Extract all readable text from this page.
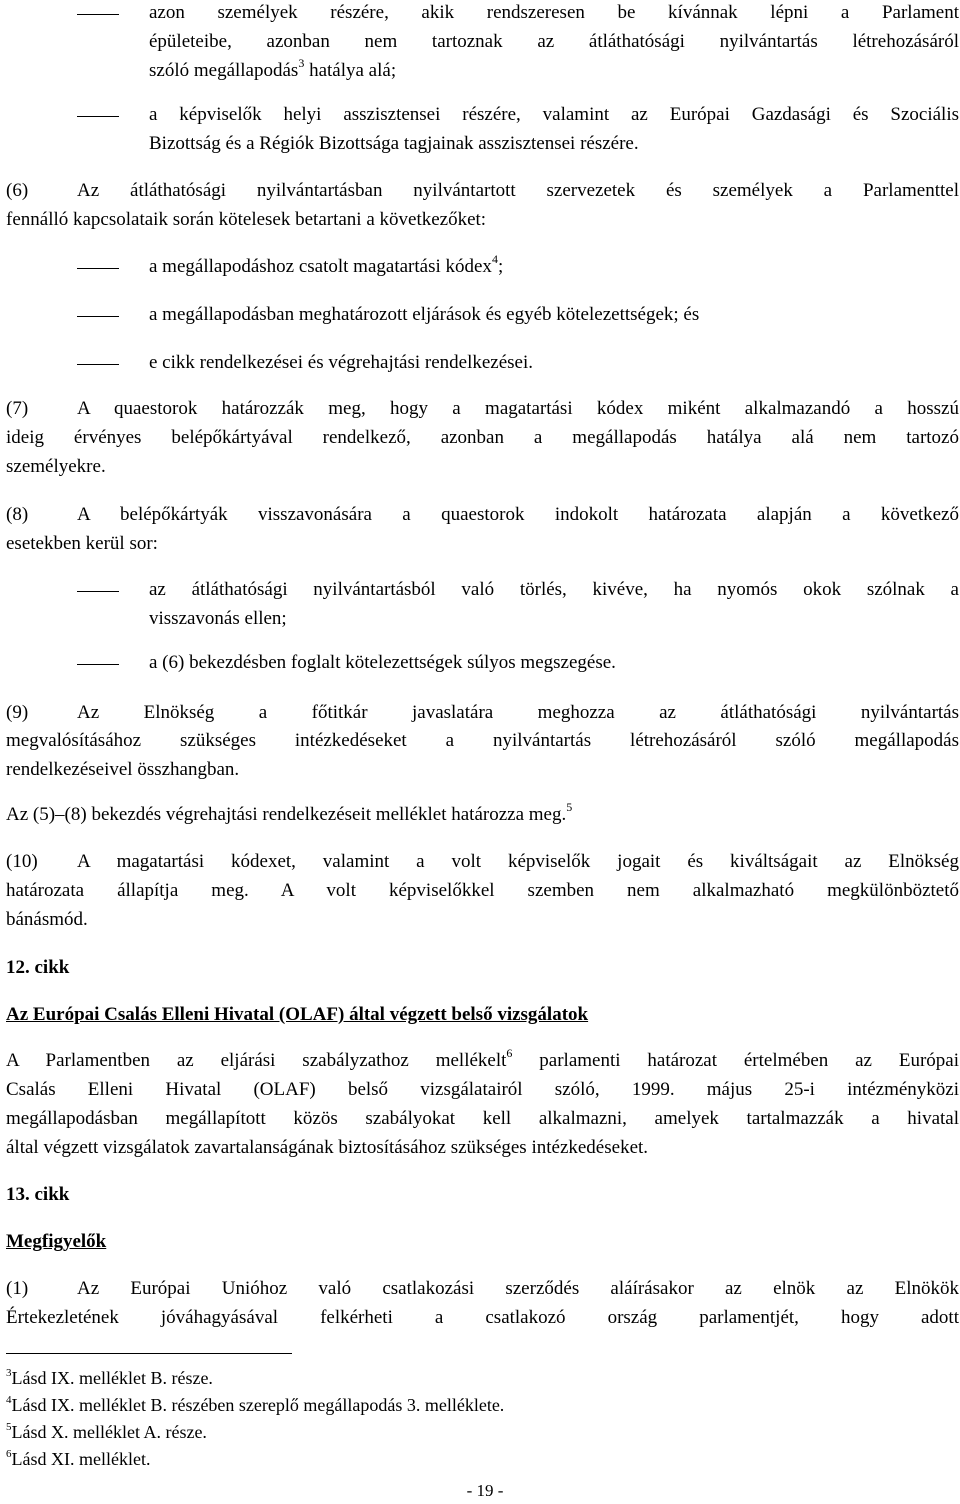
azon személyek részére, akik rendszeresen be kívánnak lépni a Parlament
épületeibe, azonban nem tartoznak az átláthatósági nyilvántartás létrehozásáról
szóló megállapodás$^3$ hatálya alá;
a képviselők helyi asszisztensei részére, valamint az Európai Gazdasági és Szociális
Bizottság és a Régiók Bizottsága tagjainak asszisztensei részére.
(6)	Az átláthatósági nyilvántartásban nyilvántartott szervezetek és személyek a Parlamenttel
fennálló kapcsolataik során kötelesek betartani a következőket:
a megállapodáshoz csatolt magatartási kódex$^4$;
a megállapodásban meghatározott eljárások és egyéb kötelezettségek; és
e cikk rendelkezései és végrehajtási rendelkezései.
(7)	A quaestorok határozzák meg, hogy a magatartási kódex miként alkalmazandó a hosszú
ideig érvényes belépőkártyával rendelkező, azonban a megállapodás hatálya alá nem tartozó
személyekre.
(8)	A belépőkártyák visszavonására a quaestorok indokolt határozata alapján a következő
esetekben kerül sor:
az átláthatósági nyilvántartásból való törlés, kivéve, ha nyomós okok szólnak a
visszavonás ellen;
a (6) bekezdésben foglalt kötelezettségek súlyos megszegése.
(9)	Az Elnökség a főtitkár javaslatára meghozza az átláthatósági nyilvántartás
megvalósításához szükséges intézkedéseket a nyilvántartás létrehozásáról szóló megállapodás
rendelkezéseivel összhangban.
Az (5)–(8) bekezdés végrehajtási rendelkezéseit melléklet határozza meg.$^5$
(10) A magatartási kódexet, valamint a volt képviselők jogait és kiváltságait az Elnökség
határozata állapítja meg. A volt képviselőkkel szemben nem alkalmazható megkülönböztető
bánásmód.
12. cikk
Az Európai Csalás Elleni Hivatal (OLAF) által végzett belső vizsgálatok
A Parlamentben az eljárási szabályzathoz mellékelt$^6$ parlamenti határozat értelmében az Európai
Csalás Elleni Hivatal (OLAF) belső vizsgálatairól szóló, 1999. május 25-i intézményközi
megállapodásban megállapított közös szabályokat kell alkalmazni, amelyek tartalmazzák a hivatal
által végzett vizsgálatok zavartalanságának biztosításához szükséges intézkedéseket.
13. cikk
Megfigyelők
(1)	Az Európai Unióhoz való csatlakozási szerződés aláírásakor az elnök az Elnökök
Értekezletének jóváhagyásával felkérheti a csatlakozó ország parlamentjét, hogy adott
$^3$Lásd IX. melléklet B. része.
$^4$Lásd IX. melléklet B. részében szereplő megállapodás 3. melléklete.
$^5$Lásd X. melléklet A. része.
$^6$Lásd XI. melléklet.
- 19 -
